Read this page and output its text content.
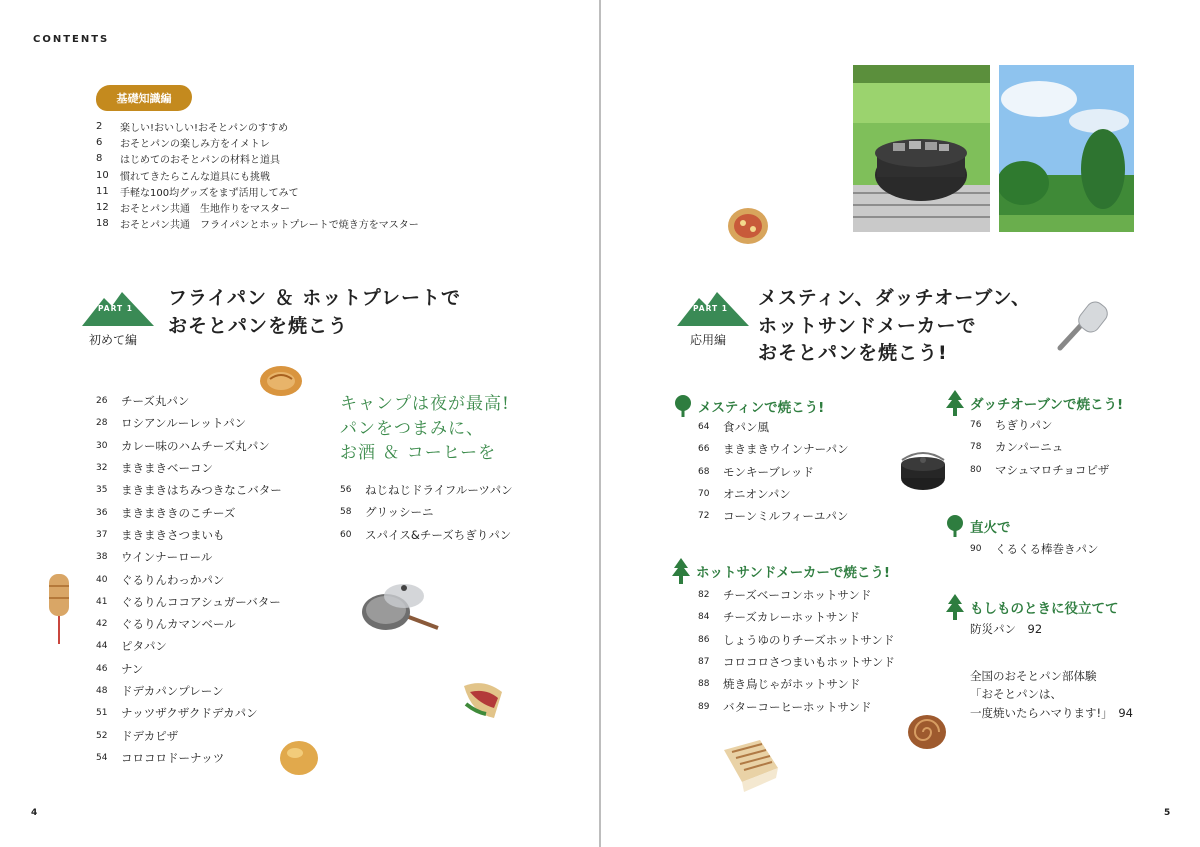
CONTENTS
基礎知識編
2	楽しい!おいしい!おそとパンのすすめ
6	おそとパンの楽しみ方をイメトレ
8	はじめてのおそとパンの材料と道具
10	慣れてきたらこんな道具にも挑戦
11	手軽な100均グッズをまず活用してみて
12	おそとパン共通　生地作りをマスター
18	おそとパン共通　フライパンとホットプレートで焼き方をマスター
PART 1
初めて編
フライパン ＆ ホットプレートで
おそとパンを焼こう
26	チーズ丸パン
28	ロシアンルーレットパン
30	カレー味のハムチーズ丸パン
32	まきまきベーコン
35	まきまきはちみつきなこバター
36	まきまききのこチーズ
37	まきまきさつまいも
38	ウインナーロール
40	ぐるりんわっかパン
41	ぐるりんココアシュガーバター
42	ぐるりんカマンベール
44	ピタパン
46	ナン
48	ドデカパンプレーン
51	ナッツザクザクドデカパン
52	ドデカピザ
54	コロコロドーナッツ
キャンプは夜が最高!
パンをつまみに、
お酒 ＆ コーヒーを
56	ねじねじドライフルーツパン
58	グリッシーニ
60	スパイス&チーズちぎりパン
4
PART 1
応用編
メスティン、ダッチオーブン、
ホットサンドメーカーで
おそとパンを焼こう!
メスティンで焼こう!
64	食パン風
66	まきまきウインナーパン
68	モンキーブレッド
70	オニオンパン
72	コーンミルフィーユパン
ホットサンドメーカーで焼こう!
82	チーズベーコンホットサンド
84	チーズカレーホットサンド
86	しょうゆのりチーズホットサンド
87	コロコロさつまいもホットサンド
88	焼き鳥じゃがホットサンド
89	バターコーヒーホットサンド
ダッチオーブンで焼こう!
76	ちぎりパン
78	カンパーニュ
80	マシュマロチョコピザ
直火で
90	くるくる棒巻きパン
もしものときに役立てて
防災パン　92
全国のおそとパン部体験
「おそとパンは、
一度焼いたらハマります!」　94
5
